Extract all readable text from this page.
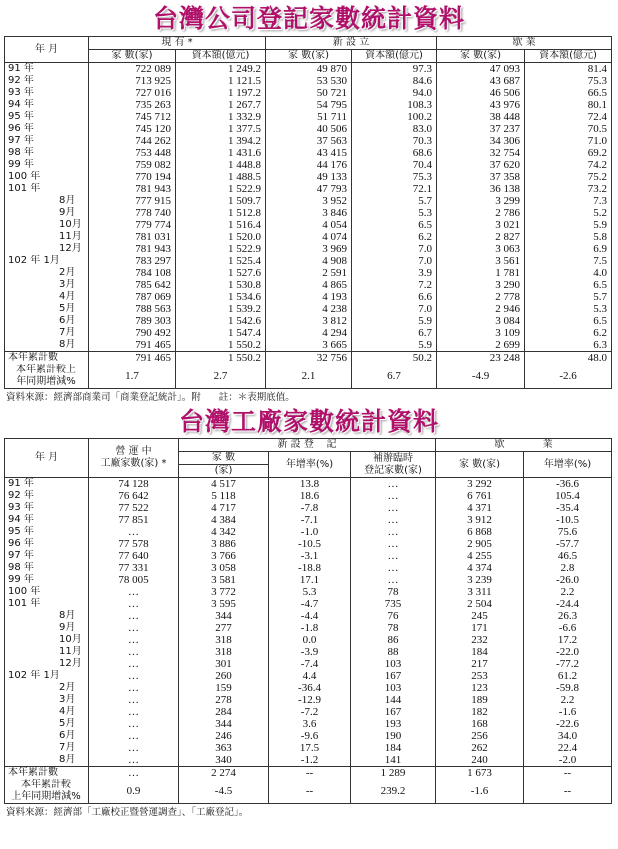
台灣公司登記家數統計資料
年 月	現 有 *		新 設 立		歇 業	
	家 數(家)	資本額(億元)	家 數(家)	資本額(億元)	家 數(家)	資本額(億元)
91 年	722 089	1 249.2	49 870	97.3	47 093	81.4
92 年	713 925	1 121.5	53 530	84.6	43 687	75.3
93 年	727 016	1 197.2	50 721	94.0	46 506	66.5
94 年	735 263	1 267.7	54 795	108.3	43 976	80.1
95 年	745 712	1 332.9	51 711	100.2	38 448	72.4
96 年	745 120	1 377.5	40 506	83.0	37 237	70.5
97 年	744 262	1 394.2	37 563	70.3	34 306	71.0
98 年	753 448	1 431.6	43 415	68.6	32 754	69.2
99 年	759 082	1 448.8	44 176	70.4	37 620	74.2
100 年	770 194	1 488.5	49 133	75.3	37 358	75.2
101 年	781 943	1 522.9	47 793	72.1	36 138	73.2
8月	777 915	1 509.7	3 952	5.7	3 299	7.3
9月	778 740	1 512.8	3 846	5.3	2 786	5.2
10月	779 774	1 516.4	4 054	6.5	3 021	5.9
11月	781 031	1 520.0	4 074	6.2	2 827	5.8
12月	781 943	1 522.9	3 969	7.0	3 063	6.9
102 年 1月	783 297	1 525.4	4 908	7.0	3 561	7.5
2月	784 108	1 527.6	2 591	3.9	1 781	4.0
3月	785 642	1 530.8	4 865	7.2	3 290	6.5
4月	787 069	1 534.6	4 193	6.6	2 778	5.7
5月	788 563	1 539.2	4 238	7.0	2 946	5.3
6月	789 303	1 542.6	3 812	5.9	3 084	6.5
7月	790 492	1 547.4	4 294	6.7	3 109	6.2
8月	791 465	1 550.2	3 665	5.9	2 699	6.3
本年累計數	791 465	1 550.2	32 756	50.2	23 248	48.0
本年累計較上
年同期增減%	1.7	2.7	2.1	6.7	-4.9	-2.6
資料來源：經濟部商業司「商業登記統計」。附 註：＊表期底值。
台灣工廠家數統計資料
年 月	營 運 中
工廠家數(家) *	新 設 登 記			歇 業	
		家 數	年增率(%)	補辦臨時
登記家數(家)	家 數(家)	年增率(%)
		(家)				
91 年	74 128	4 517	13.8	…	3 292	-36.6
92 年	76 642	5 118	18.6	…	6 761	105.4
93 年	77 522	4 717	-7.8	…	4 371	-35.4
94 年	77 851	4 384	-7.1	…	3 912	-10.5
95 年	…	4 342	-1.0	…	6 868	75.6
96 年	77 578	3 886	-10.5	…	2 905	-57.7
97 年	77 640	3 766	-3.1	…	4 255	46.5
98 年	77 331	3 058	-18.8	…	4 374	2.8
99 年	78 005	3 581	17.1	…	3 239	-26.0
100 年	…	3 772	5.3	78	3 311	2.2
101 年	…	3 595	-4.7	735	2 504	-24.4
8月	…	344	-4.4	76	245	26.3
9月	…	277	-1.8	78	171	-6.6
10月	…	318	0.0	86	232	17.2
11月	…	318	-3.9	88	184	-22.0
12月	…	301	-7.4	103	217	-77.2
102 年 1月	…	260	4.4	167	253	61.2
2月	…	159	-36.4	103	123	-59.8
3月	…	278	-12.9	144	189	2.2
4月	…	284	-7.2	167	182	-1.6
5月	…	344	3.6	193	168	-22.6
6月	…	246	-9.6	190	256	34.0
7月	…	363	17.5	184	262	22.4
8月	…	340	-1.2	141	240	-2.0
本年累計數	…	2 274	--	1 289	1 673	--
本年累計較
上年同期增減%	0.9	-4.5	--	239.2	-1.6	--
資料來源：經濟部「工廠校正暨營運調查」、「工廠登記」。
